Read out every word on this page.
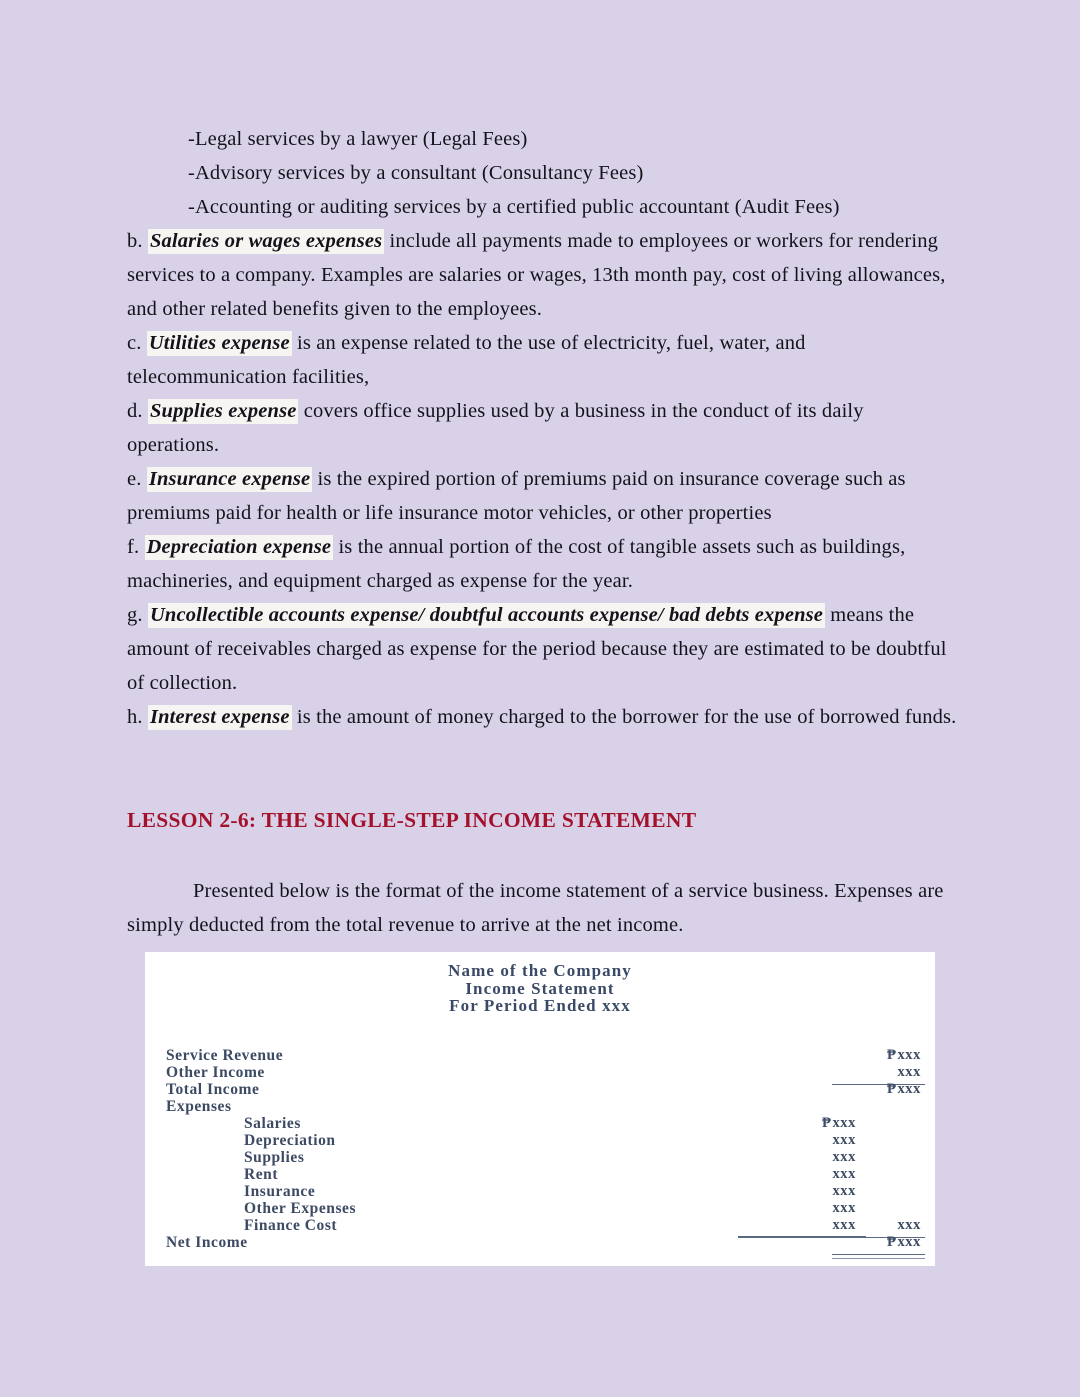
-Legal services by a lawyer (Legal Fees)
-Advisory services by a consultant (Consultancy Fees)
-Accounting or auditing services by a certified public accountant (Audit Fees)
b. Salaries or wages expenses include all payments made to employees or workers for rendering services to a company. Examples are salaries or wages, 13th month pay, cost of living allowances, and other related benefits given to the employees.
c. Utilities expense is an expense related to the use of electricity, fuel, water, and telecommunication facilities,
d. Supplies expense covers office supplies used by a business in the conduct of its daily operations.
e. Insurance expense is the expired portion of premiums paid on insurance coverage such as premiums paid for health or life insurance motor vehicles, or other properties
f. Depreciation expense is the annual portion of the cost of tangible assets such as buildings, machineries, and equipment charged as expense for the year.
g. Uncollectible accounts expense/ doubtful accounts expense/ bad debts expense means the amount of receivables charged as expense for the period because they are estimated to be doubtful of collection.
h. Interest expense is the amount of money charged to the borrower for the use of borrowed funds.
LESSON 2-6: THE SINGLE-STEP INCOME STATEMENT
Presented below is the format of the income statement of a service business. Expenses are simply deducted from the total revenue to arrive at the net income.
Name of the Company
Income Statement
For Period Ended xxx
Service Revenue	₱xxx
Other Income	xxx
Total Income	₱xxx
Expenses
Salaries	₱xxx
Depreciation	xxx
Supplies	xxx
Rent	xxx
Insurance	xxx
Other Expenses	xxx
Finance Cost	xxx	xxx
Net Income	₱xxx
